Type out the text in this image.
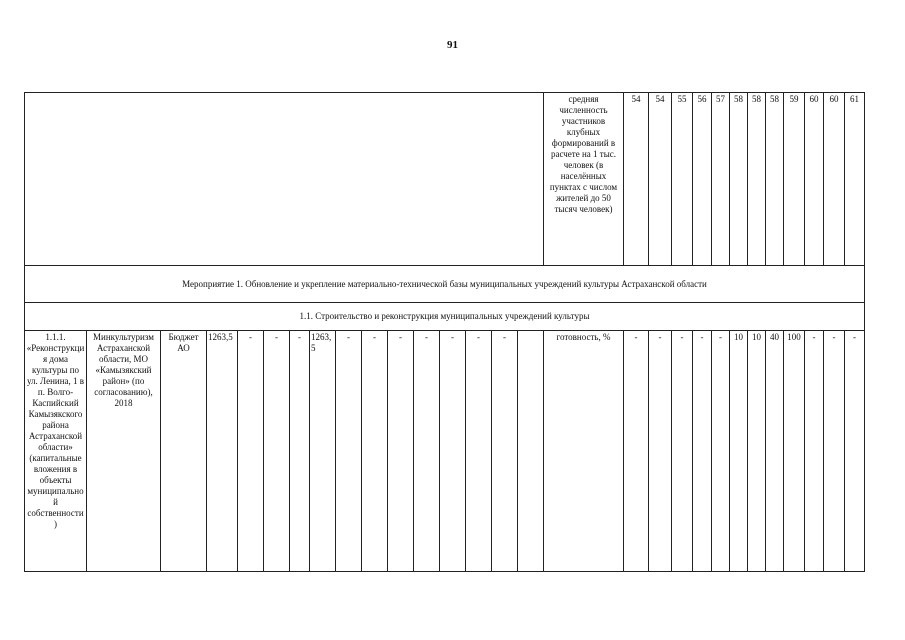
91
																средняя численность участников клубных формирований в расчете на 1 тыс. человек (в населённых пунктах с числом жителей до 50 тысяч человек)	54	54	55	56	57	58	58	58	59	60	60	61
Мероприятие 1. Обновление и укрепление материально-технической базы муниципальных учреждений культуры Астраханской области																												
1.1. Строительство и реконструкция муниципальных учреждений культуры																												
1.1.1. «Реконструкция дома культуры по ул. Ленина, 1 в п. Волго-Каспийский Камызякского района Астраханской области» (капитальные вложения в объекты муниципальной собственности)	Минкультуризм Астраханской области, МО «Камызякский район» (по согласованию), 2018	Бюджет АО	1263,5	-	-	-	1263,5	-	-	-	-	-	-	-		готовность, %	-	-	-	-	-	10	10	40	100	-	-	-
